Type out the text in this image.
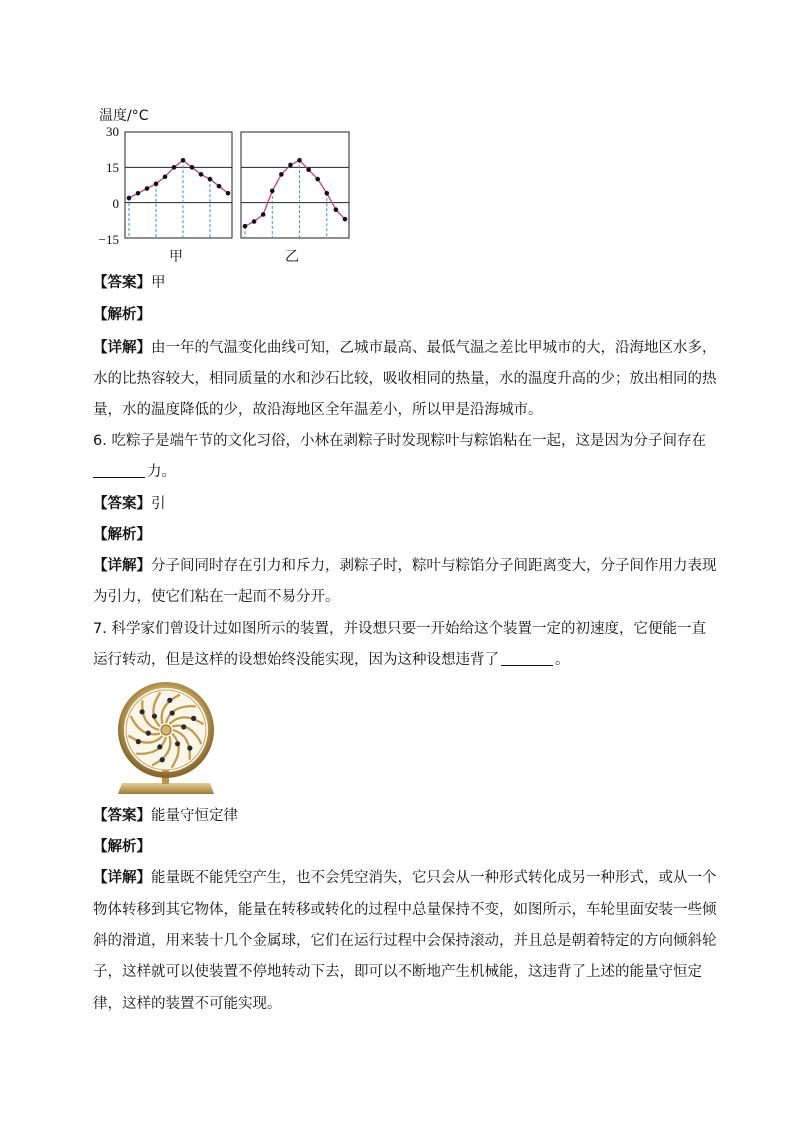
温度/°C
30
15
0
−15
甲	乙
【答案】甲
【解析】
【详解】由一年的气温变化曲线可知，乙城市最高、最低气温之差比甲城市的大，沿海地区水多，
水的比热容较大，相同质量的水和沙石比较，吸收相同的热量，水的温度升高的少；放出相同的热
量，水的温度降低的少，故沿海地区全年温差小，所以甲是沿海城市。
6. 吃粽子是端午节的文化习俗，小林在剥粽子时发现粽叶与粽馅粘在一起，这是因为分子间存在
力。
【答案】引
【解析】
【详解】分子间同时存在引力和斥力，剥粽子时，粽叶与粽馅分子间距离变大，分子间作用力表现
为引力，使它们粘在一起而不易分开。
7. 科学家们曾设计过如图所示的装置，并设想只要一开始给这个装置一定的初速度，它便能一直
运行转动，但是这样的设想始终没能实现，因为这种设想违背了	。
【答案】能量守恒定律
【解析】
【详解】能量既不能凭空产生，也不会凭空消失，它只会从一种形式转化成另一种形式，或从一个
物体转移到其它物体，能量在转移或转化的过程中总量保持不变，如图所示，车轮里面安装一些倾
斜的滑道，用来装十几个金属球，它们在运行过程中会保持滚动，并且总是朝着特定的方向倾斜轮
子，这样就可以使装置不停地转动下去，即可以不断地产生机械能，这违背了上述的能量守恒定
律，这样的装置不可能实现。
